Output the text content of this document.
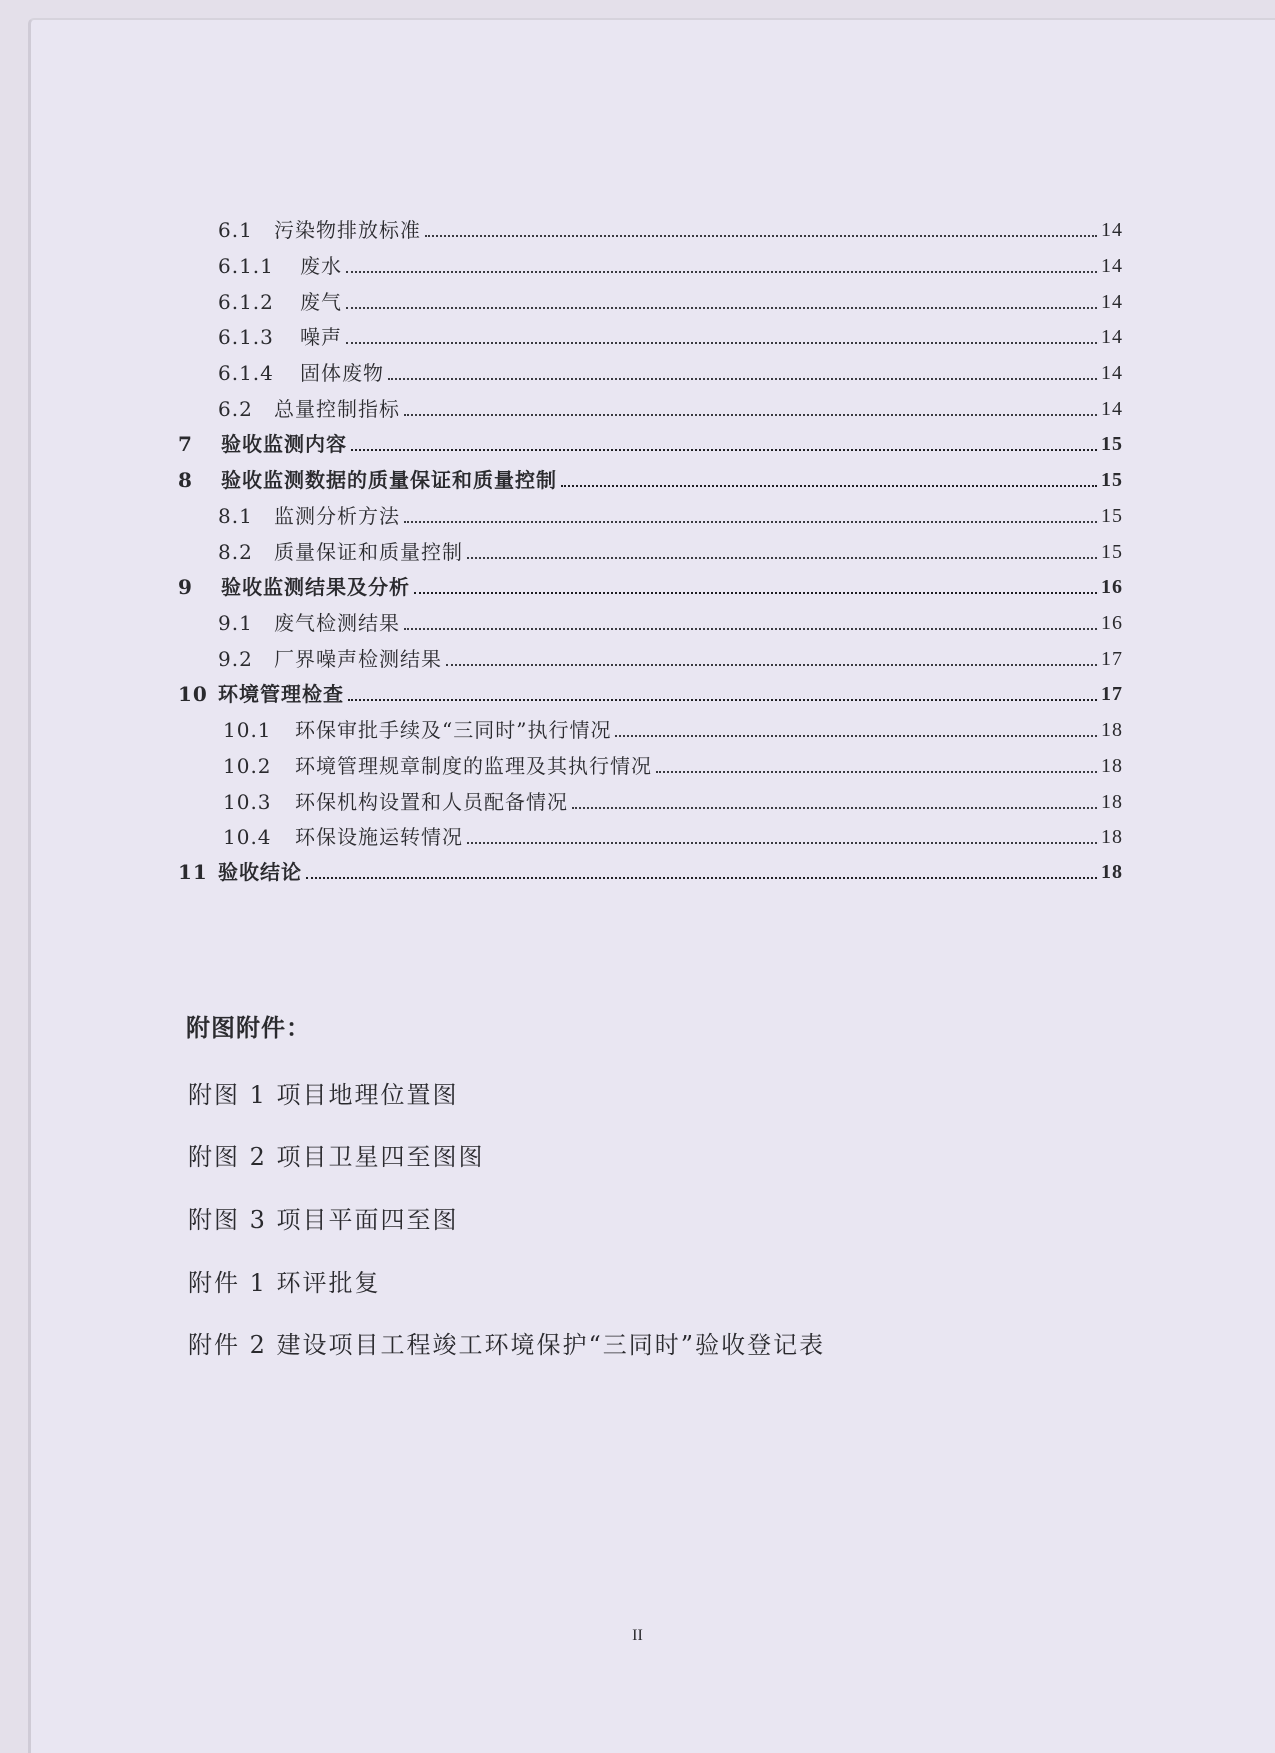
6.1	污染物排放标准	14
6.1.1	废水	14
6.1.2	废气	14
6.1.3	噪声	14
6.1.4	固体废物	14
6.2	总量控制指标	14
7	验收监测内容	15
8	验收监测数据的质量保证和质量控制	15
8.1	监测分析方法	15
8.2	质量保证和质量控制	15
9	验收监测结果及分析	16
9.1	废气检测结果	16
9.2	厂界噪声检测结果	17
10 环境管理检查	17
10.1	环保审批手续及“三同时”执行情况	18
10.2	环境管理规章制度的监理及其执行情况	18
10.3	环保机构设置和人员配备情况	18
10.4	环保设施运转情况	18
11 验收结论	18
附图附件：
附图 1 项目地理位置图
附图 2 项目卫星四至图图
附图 3 项目平面四至图
附件 1 环评批复
附件 2 建设项目工程竣工环境保护“三同时”验收登记表
II
